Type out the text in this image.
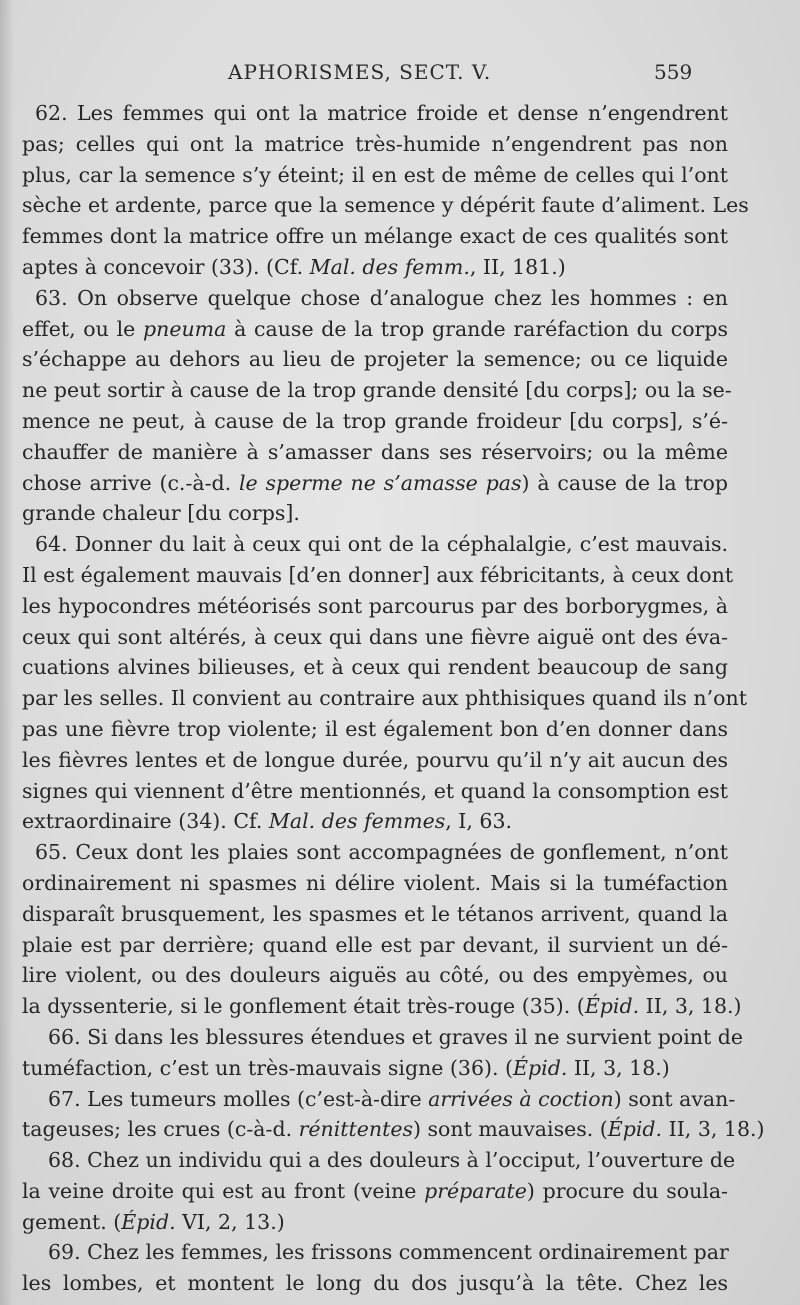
APHORISMES, SECT. V.	559
62. Les femmes qui ont la matrice froide et dense n’engendrent
pas; celles qui ont la matrice très-humide n’engendrent pas non
plus, car la semence s’y éteint; il en est de même de celles qui l’ont
sèche et ardente, parce que la semence y dépérit faute d’aliment. Les
femmes dont la matrice offre un mélange exact de ces qualités sont
aptes à concevoir (33). (Cf. Mal. des femm., II, 181.)
63. On observe quelque chose d’analogue chez les hommes : en
effet, ou le pneuma à cause de la trop grande raréfaction du corps
s’échappe au dehors au lieu de projeter la semence; ou ce liquide
ne peut sortir à cause de la trop grande densité [du corps]; ou la se-
mence ne peut, à cause de la trop grande froideur [du corps], s’é-
chauffer de manière à s’amasser dans ses réservoirs; ou la même
chose arrive (c.-à-d. le sperme ne s’amasse pas) à cause de la trop
grande chaleur [du corps].
64. Donner du lait à ceux qui ont de la céphalalgie, c’est mauvais.
Il est également mauvais [d’en donner] aux fébricitants, à ceux dont
les hypocondres météorisés sont parcourus par des borborygmes, à
ceux qui sont altérés, à ceux qui dans une fièvre aiguë ont des éva-
cuations alvines bilieuses, et à ceux qui rendent beaucoup de sang
par les selles. Il convient au contraire aux phthisiques quand ils n’ont
pas une fièvre trop violente; il est également bon d’en donner dans
les fièvres lentes et de longue durée, pourvu qu’il n’y ait aucun des
signes qui viennent d’être mentionnés, et quand la consomption est
extraordinaire (34). Cf. Mal. des femmes, I, 63.
65. Ceux dont les plaies sont accompagnées de gonflement, n’ont
ordinairement ni spasmes ni délire violent. Mais si la tuméfaction
disparaît brusquement, les spasmes et le tétanos arrivent, quand la
plaie est par derrière; quand elle est par devant, il survient un dé-
lire violent, ou des douleurs aiguës au côté, ou des empyèmes, ou
la dyssenterie, si le gonflement était très-rouge (35). (Épid. II, 3, 18.)
66. Si dans les blessures étendues et graves il ne survient point de
tuméfaction, c’est un très-mauvais signe (36). (Épid. II, 3, 18.)
67. Les tumeurs molles (c’est-à-dire arrivées à coction) sont avan-
tageuses; les crues (c-à-d. rénittentes) sont mauvaises. (Épid. II, 3, 18.)
68. Chez un individu qui a des douleurs à l’occiput, l’ouverture de
la veine droite qui est au front (veine préparate) procure du soula-
gement. (Épid. VI, 2, 13.)
69. Chez les femmes, les frissons commencent ordinairement par
les lombes, et montent le long du dos jusqu’à la tête. Chez les
